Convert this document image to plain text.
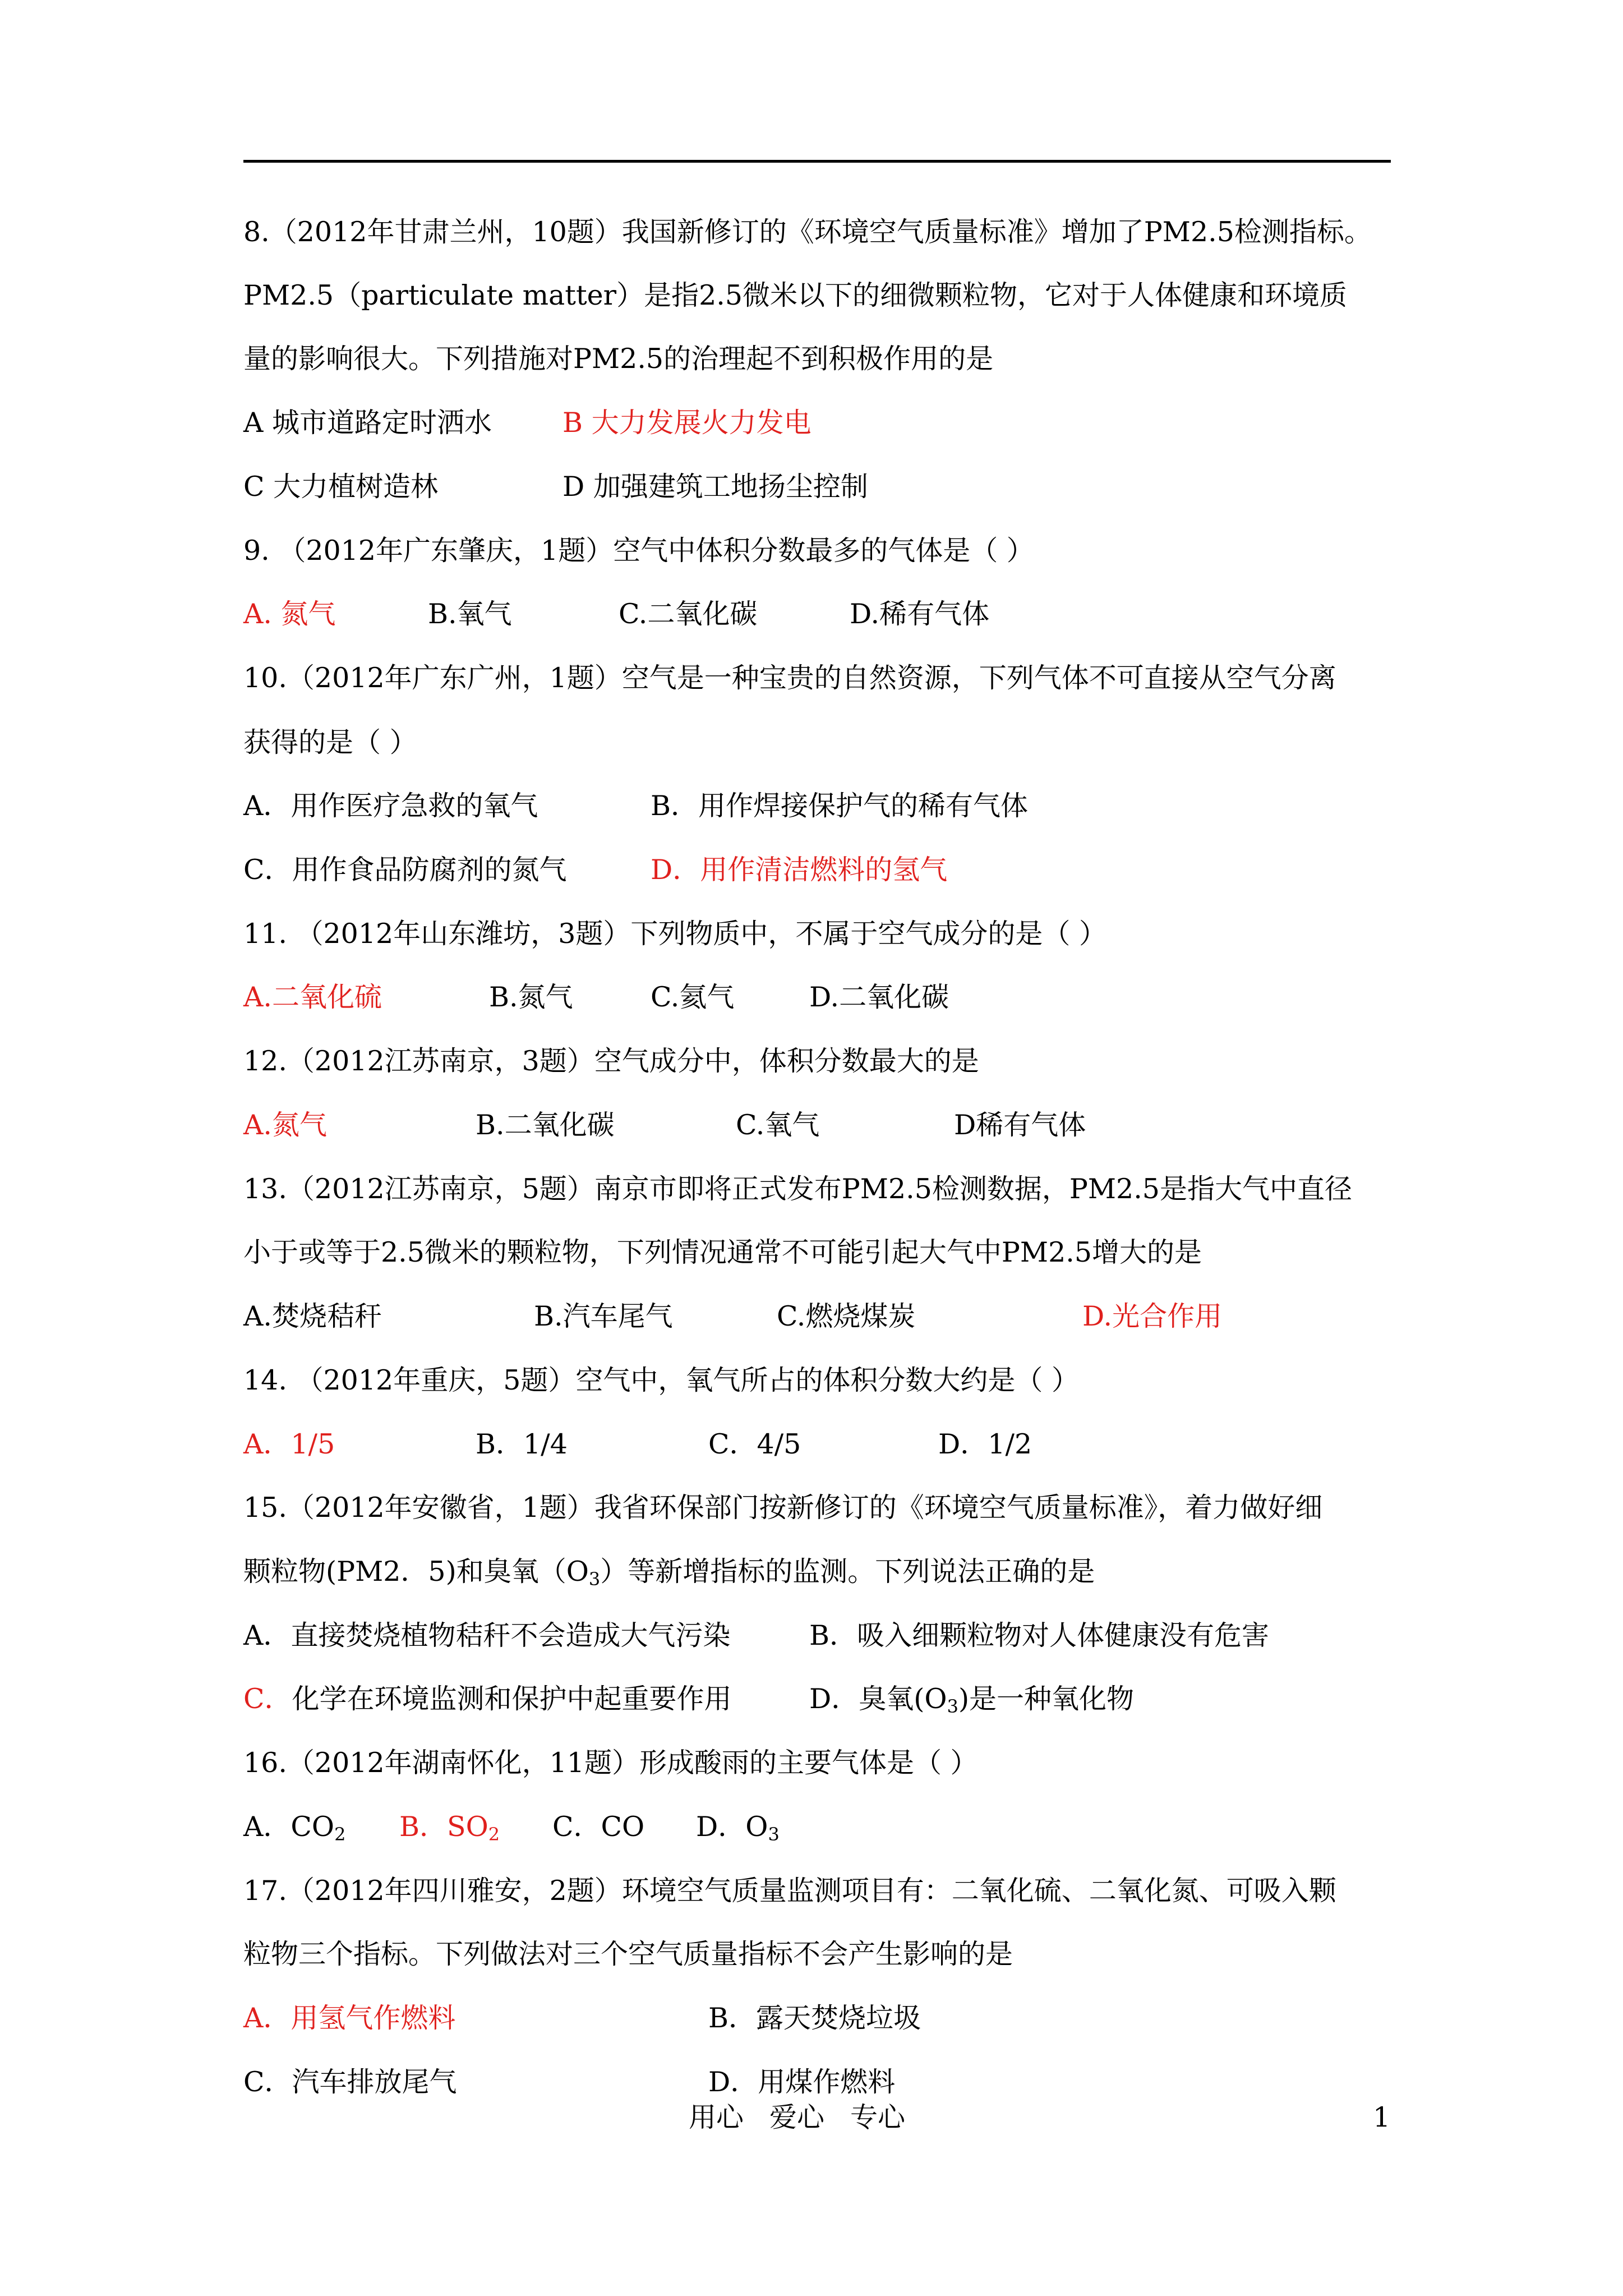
8.（2012年甘肃兰州，10题）我国新修订的《环境空气质量标准》增加了PM2.5检测指标。
PM2.5（particulate matter）是指2.5微米以下的细微颗粒物，它对于人体健康和环境质
量的影响很大。下列措施对PM2.5的治理起不到积极作用的是
A 城市道路定时洒水	B 大力发展火力发电
C 大力植树造林	D 加强建筑工地扬尘控制
9. （2012年广东肇庆，1题）空气中体积分数最多的气体是（ ）
A. 氮气	B.氧气	C.二氧化碳	D.稀有气体
10.（2012年广东广州，1题）空气是一种宝贵的自然资源，下列气体不可直接从空气分离
获得的是（ ）
A．用作医疗急救的氧气	B．用作焊接保护气的稀有气体
C．用作食品防腐剂的氮气	D．用作清洁燃料的氢气
11. （2012年山东潍坊，3题）下列物质中，不属于空气成分的是（ ）
A.二氧化硫	B.氮气	C.氦气	D.二氧化碳
12.（2012江苏南京，3题）空气成分中，体积分数最大的是
A.氮气	B.二氧化碳	C.氧气	D稀有气体
13.（2012江苏南京，5题）南京市即将正式发布PM2.5检测数据，PM2.5是指大气中直径
小于或等于2.5微米的颗粒物，下列情况通常不可能引起大气中PM2.5增大的是
A.焚烧秸秆	B.汽车尾气	C.燃烧煤炭	D.光合作用
14. （2012年重庆，5题）空气中，氧气所占的体积分数大约是（ ）
A．1/5	B．1/4	C．4/5	D．1/2
15.（2012年安徽省，1题）我省环保部门按新修订的《环境空气质量标准》，着力做好细
颗粒物(PM2．5)和臭氧$(O_3)$等新增指标的监测。下列说法正确的是
A．直接焚烧植物秸秆不会造成大气污染	B．吸入细颗粒物对人体健康没有危害
C．化学在环境监测和保护中起重要作用	D．臭氧$(O_3)$是一种氧化物
16.（2012年湖南怀化，11题）形成酸雨的主要气体是（ ）
A．$CO_2$ B．$SO_2$ C．CO D．$O_3$
17.（2012年四川雅安，2题）环境空气质量监测项目有：二氧化硫、二氧化氮、可吸入颗
粒物三个指标。下列做法对三个空气质量指标不会产生影响的是
A．用氢气作燃料	B．露天焚烧垃圾
C．汽车排放尾气	D．用煤作燃料
用心 爱心 专心	1
